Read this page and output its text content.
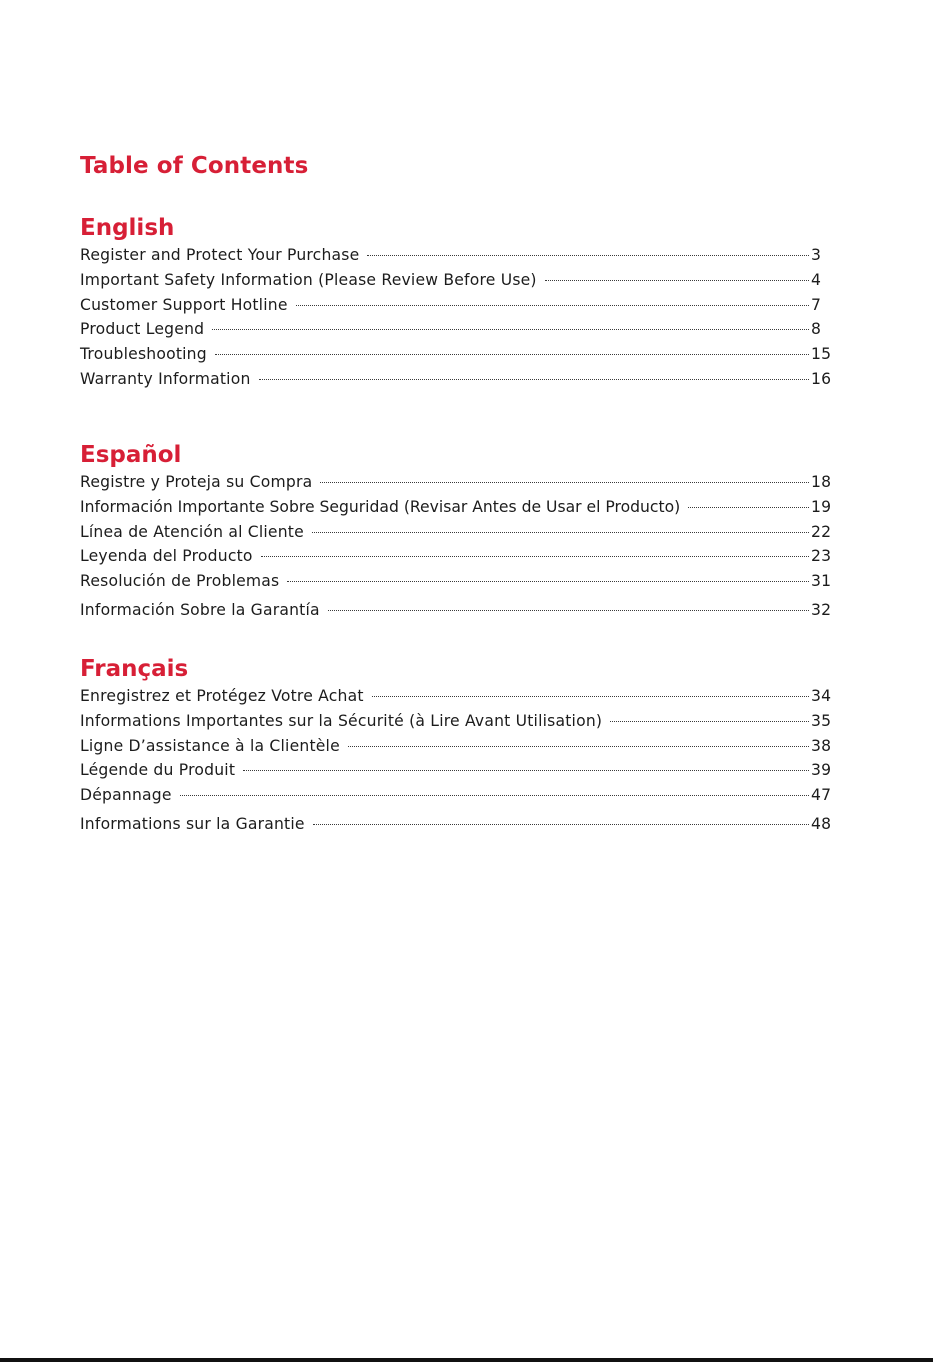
Table of Contents
English
Register and Protect Your Purchase	3
Important Safety Information (Please Review Before Use)	4
Customer Support Hotline	7
Product Legend	8
Troubleshooting	15
Warranty Information	16
Español
Registre y Proteja su Compra	18
Información Importante Sobre Seguridad (Revisar Antes de Usar el Producto)	19
Línea de Atención al Cliente	22
Leyenda del Producto	23
Resolución de Problemas	31
Información Sobre la Garantía	32
Français
Enregistrez et Protégez Votre Achat	34
Informations Importantes sur la Sécurité (à Lire Avant Utilisation)	35
Ligne D’assistance à la Clientèle	38
Légende du Produit	39
Dépannage	47
Informations sur la Garantie	48
